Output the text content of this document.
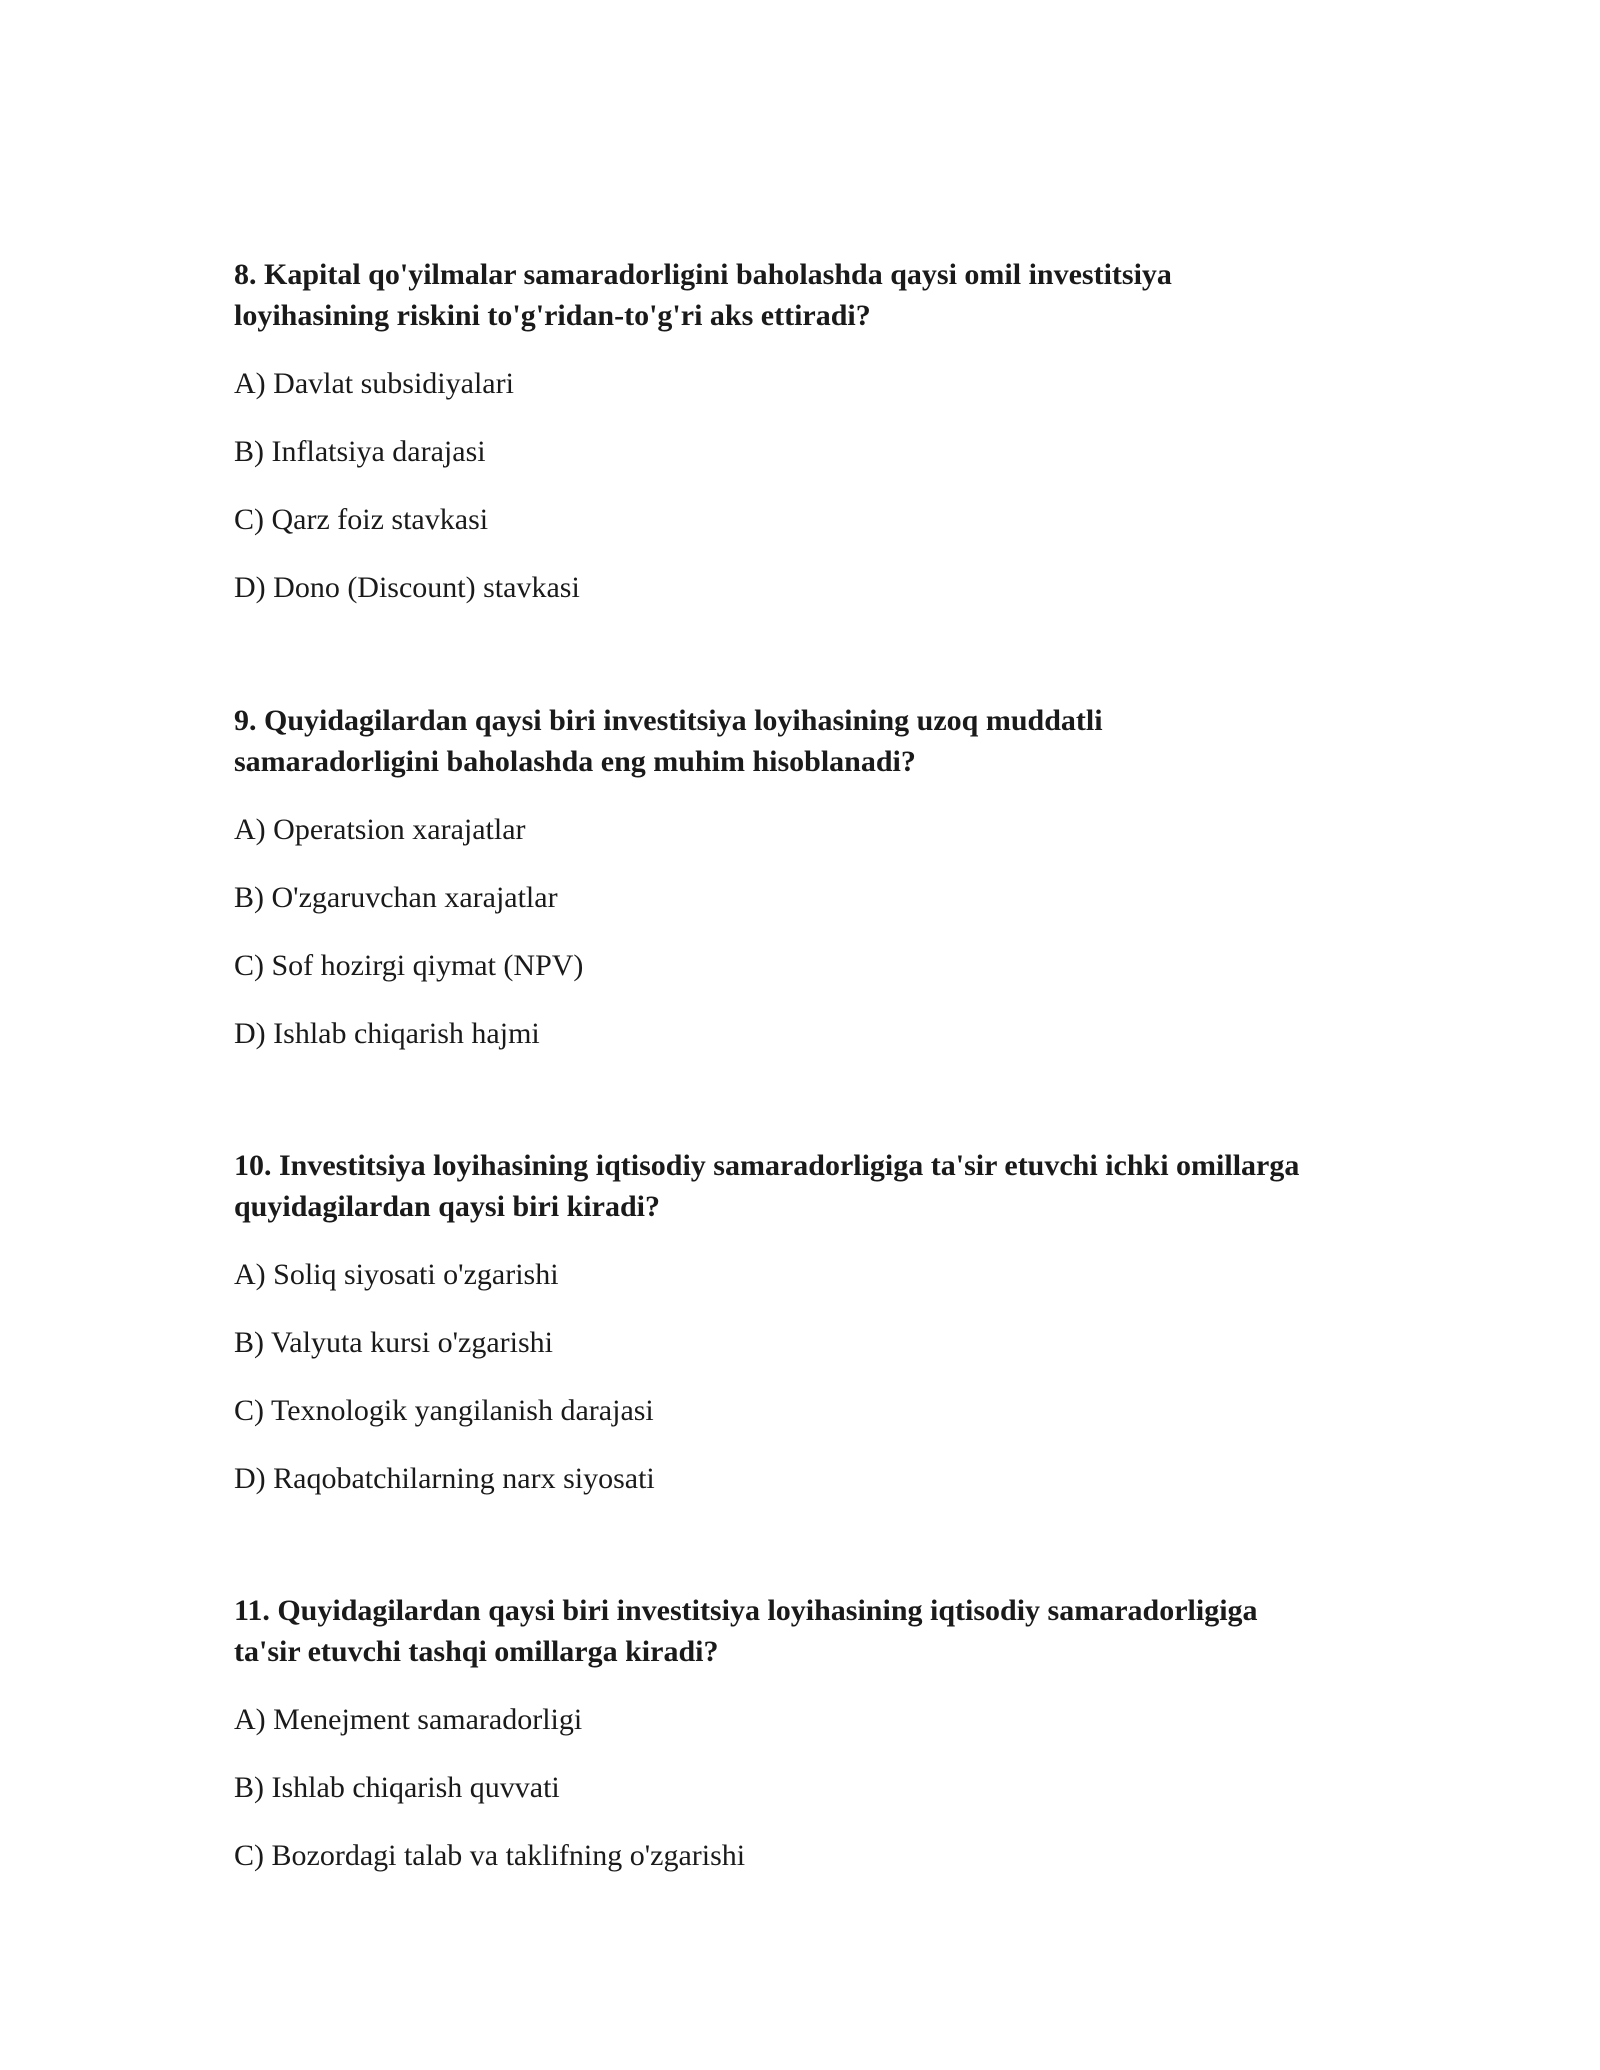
8. Kapital qo'yilmalar samaradorligini baholashda qaysi omil investitsiya
loyihasining riskini to'g'ridan-to'g'ri aks ettiradi?

A) Davlat subsidiyalari
B) Inflatsiya darajasi
C) Qarz foiz stavkasi
D) Dono (Discount) stavkasi

9. Quyidagilardan qaysi biri investitsiya loyihasining uzoq muddatli
samaradorligini baholashda eng muhim hisoblanadi?

A) Operatsion xarajatlar
B) O'zgaruvchan xarajatlar
C) Sof hozirgi qiymat (NPV)
D) Ishlab chiqarish hajmi

10. Investitsiya loyihasining iqtisodiy samaradorligiga ta'sir etuvchi ichki omillarga
quyidagilardan qaysi biri kiradi?

A) Soliq siyosati o'zgarishi
B) Valyuta kursi o'zgarishi
C) Texnologik yangilanish darajasi
D) Raqobatchilarning narx siyosati

11. Quyidagilardan qaysi biri investitsiya loyihasining iqtisodiy samaradorligiga
ta'sir etuvchi tashqi omillarga kiradi?

A) Menejment samaradorligi
B) Ishlab chiqarish quvvati
C) Bozordagi talab va taklifning o'zgarishi
